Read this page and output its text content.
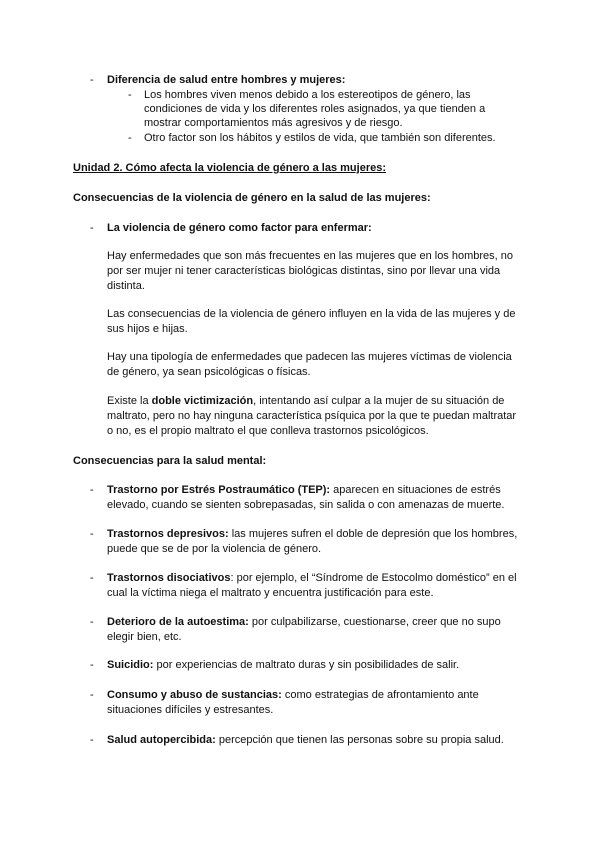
- Diferencia de salud entre hombres y mujeres:
- Los hombres viven menos debido a los estereotipos de género, las
condiciones de vida y los diferentes roles asignados, ya que tienden a
mostrar comportamientos más agresivos y de riesgo.
- Otro factor son los hábitos y estilos de vida, que también son diferentes.
Unidad 2. Cómo afecta la violencia de género a las mujeres:
Consecuencias de la violencia de género en la salud de las mujeres:
- La violencia de género como factor para enfermar:
Hay enfermedades que son más frecuentes en las mujeres que en los hombres, no
por ser mujer ni tener características biológicas distintas, sino por llevar una vida
distinta.
Las consecuencias de la violencia de género influyen en la vida de las mujeres y de
sus hijos e hijas.
Hay una tipología de enfermedades que padecen las mujeres víctimas de violencia
de género, ya sean psicológicas o físicas.
Existe la doble victimización, intentando así culpar a la mujer de su situación de
maltrato, pero no hay ninguna característica psíquica por la que te puedan maltratar
o no, es el propio maltrato el que conlleva trastornos psicológicos.
Consecuencias para la salud mental:
- Trastorno por Estrés Postraumático (TEP): aparecen en situaciones de estrés
elevado, cuando se sienten sobrepasadas, sin salida o con amenazas de muerte.
- Trastornos depresivos: las mujeres sufren el doble de depresión que los hombres,
puede que se de por la violencia de género.
- Trastornos disociativos: por ejemplo, el “Síndrome de Estocolmo doméstico” en el
cual la víctima niega el maltrato y encuentra justificación para este.
- Deterioro de la autoestima: por culpabilizarse, cuestionarse, creer que no supo
elegir bien, etc.
- Suicidio: por experiencias de maltrato duras y sin posibilidades de salir.
- Consumo y abuso de sustancias: como estrategias de afrontamiento ante
situaciones difíciles y estresantes.
- Salud autopercibida: percepción que tienen las personas sobre su propia salud.
